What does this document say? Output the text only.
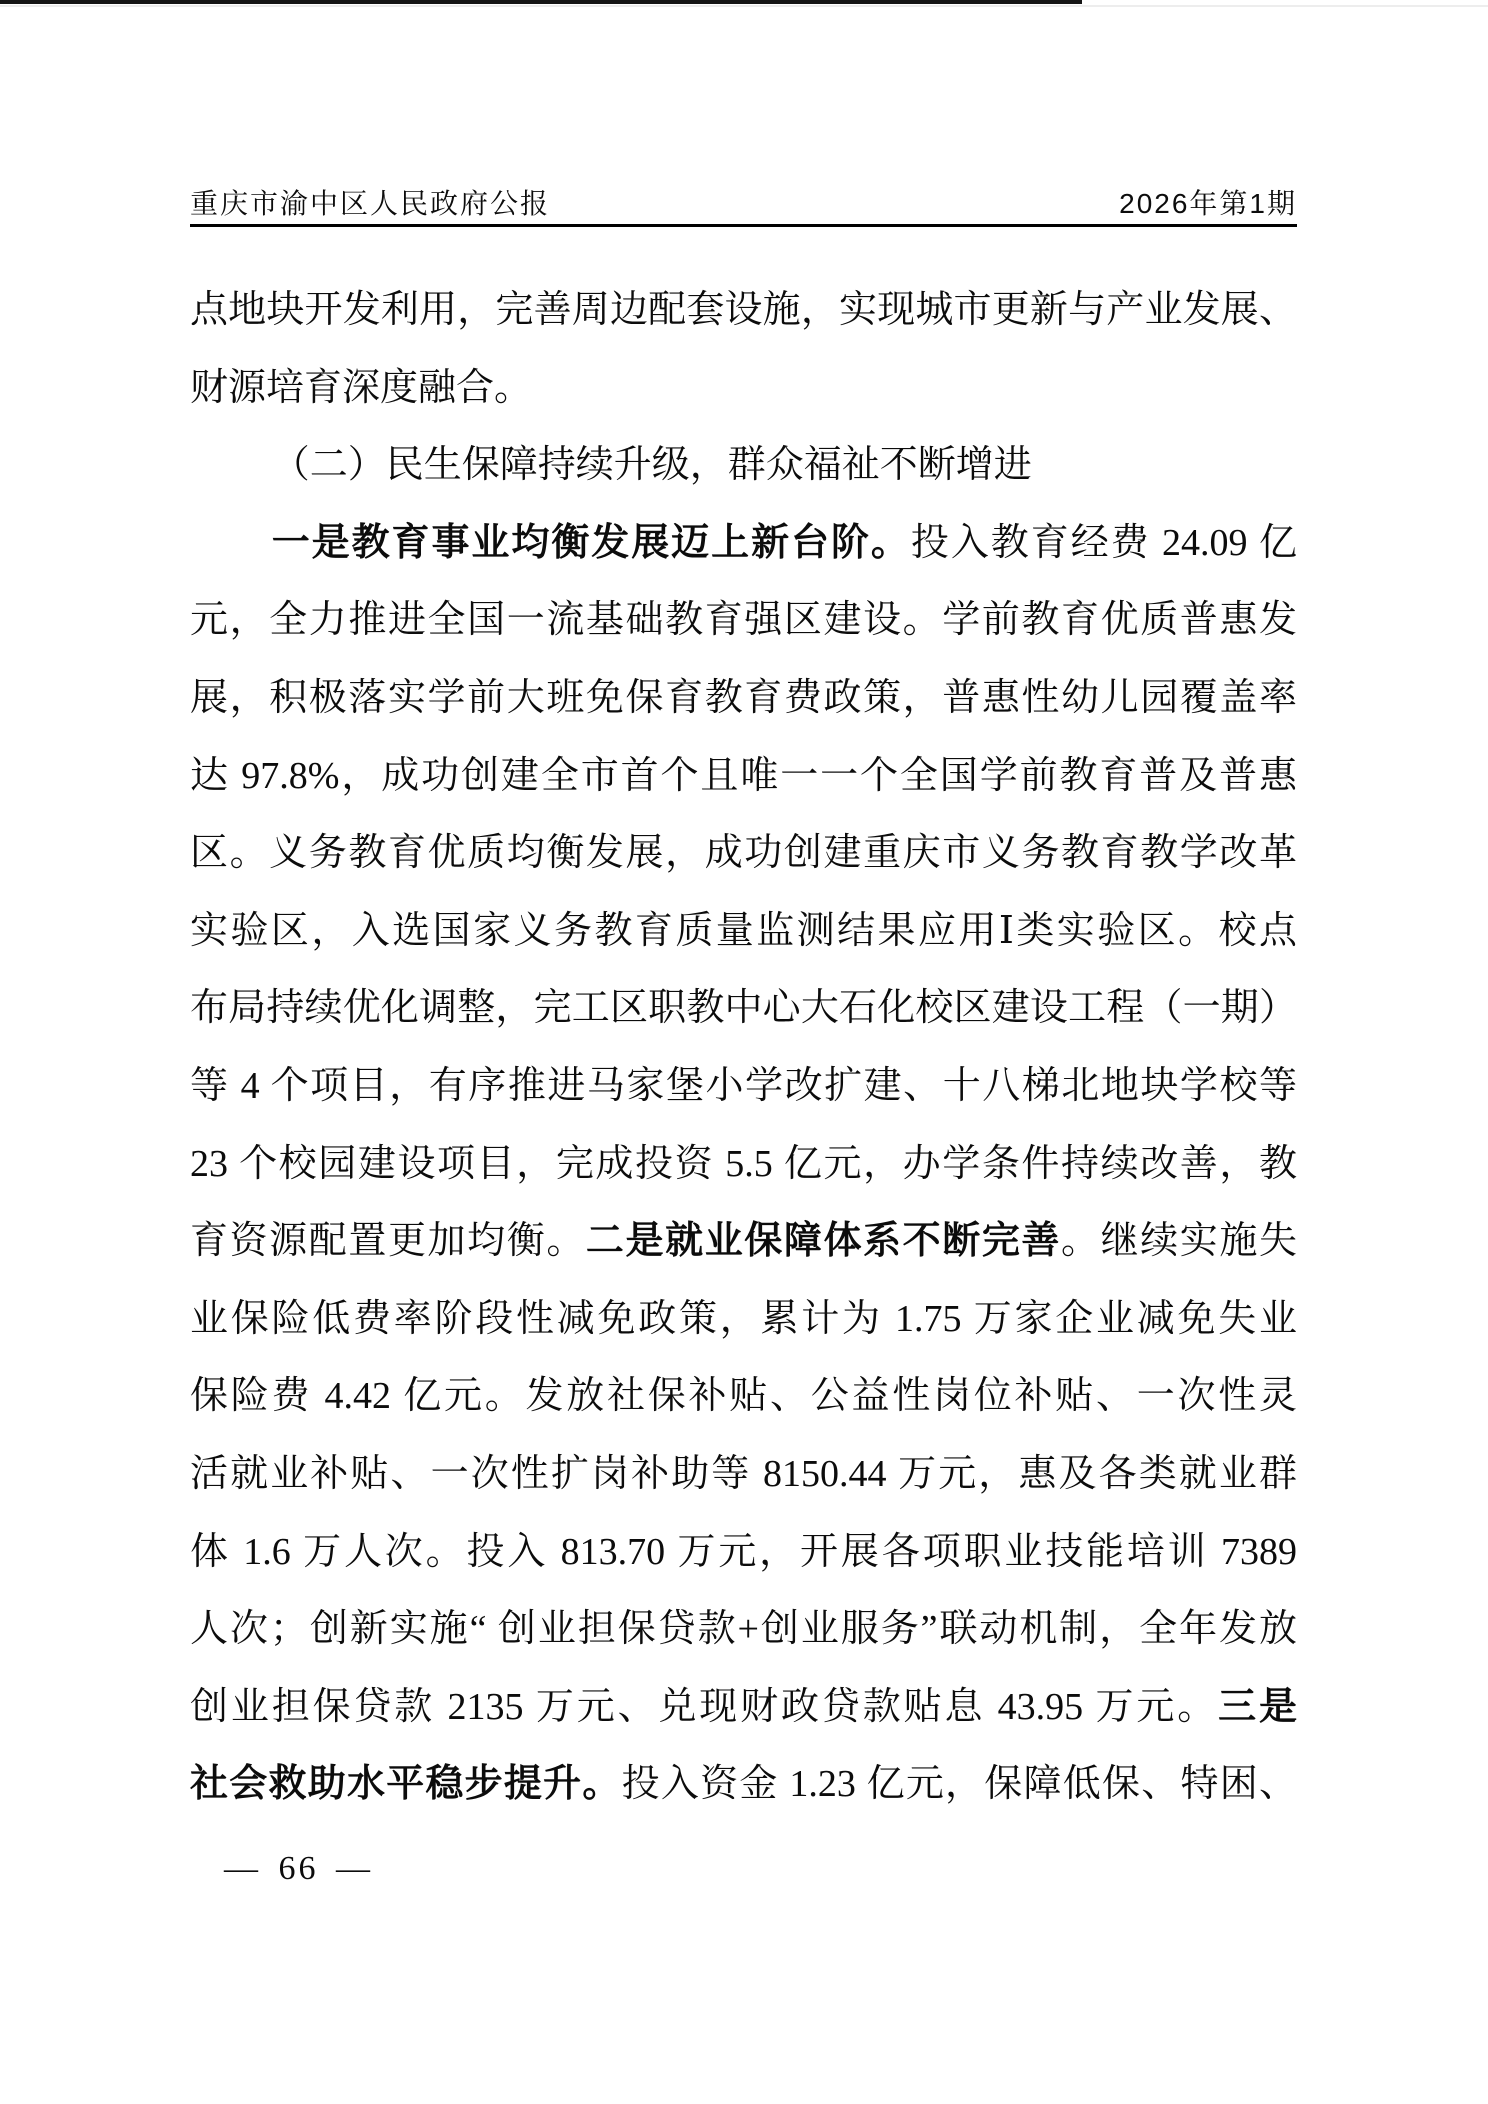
重庆市渝中区人民政府公报	2026年第1期
点地块开发利用，完善周边配套设施，实现城市更新与产业发展、
财源培育深度融合。
（二）民生保障持续升级，群众福祉不断增进
一是教育事业均衡发展迈上新台阶。投入教育经费 24.09 亿
元，全力推进全国一流基础教育强区建设。学前教育优质普惠发
展，积极落实学前大班免保育教育费政策，普惠性幼儿园覆盖率
达 97.8%，成功创建全市首个且唯一一个全国学前教育普及普惠
区。义务教育优质均衡发展，成功创建重庆市义务教育教学改革
实验区，入选国家义务教育质量监测结果应用Ⅰ类实验区。校点
布局持续优化调整，完工区职教中心大石化校区建设工程（一期）
等 4 个项目，有序推进马家堡小学改扩建、十八梯北地块学校等
23 个校园建设项目，完成投资 5.5 亿元，办学条件持续改善，教
育资源配置更加均衡。二是就业保障体系不断完善。继续实施失
业保险低费率阶段性减免政策，累计为 1.75 万家企业减免失业
保险费 4.42 亿元。发放社保补贴、公益性岗位补贴、一次性灵
活就业补贴、一次性扩岗补助等 8150.44 万元，惠及各类就业群
体 1.6 万人次。投入 813.70 万元，开展各项职业技能培训 7389
人次；创新实施“ 创业担保贷款+创业服务”联动机制，全年发放
创业担保贷款 2135 万元、兑现财政贷款贴息 43.95 万元。三是
社会救助水平稳步提升。投入资金 1.23 亿元，保障低保、特困、
— 66 —
